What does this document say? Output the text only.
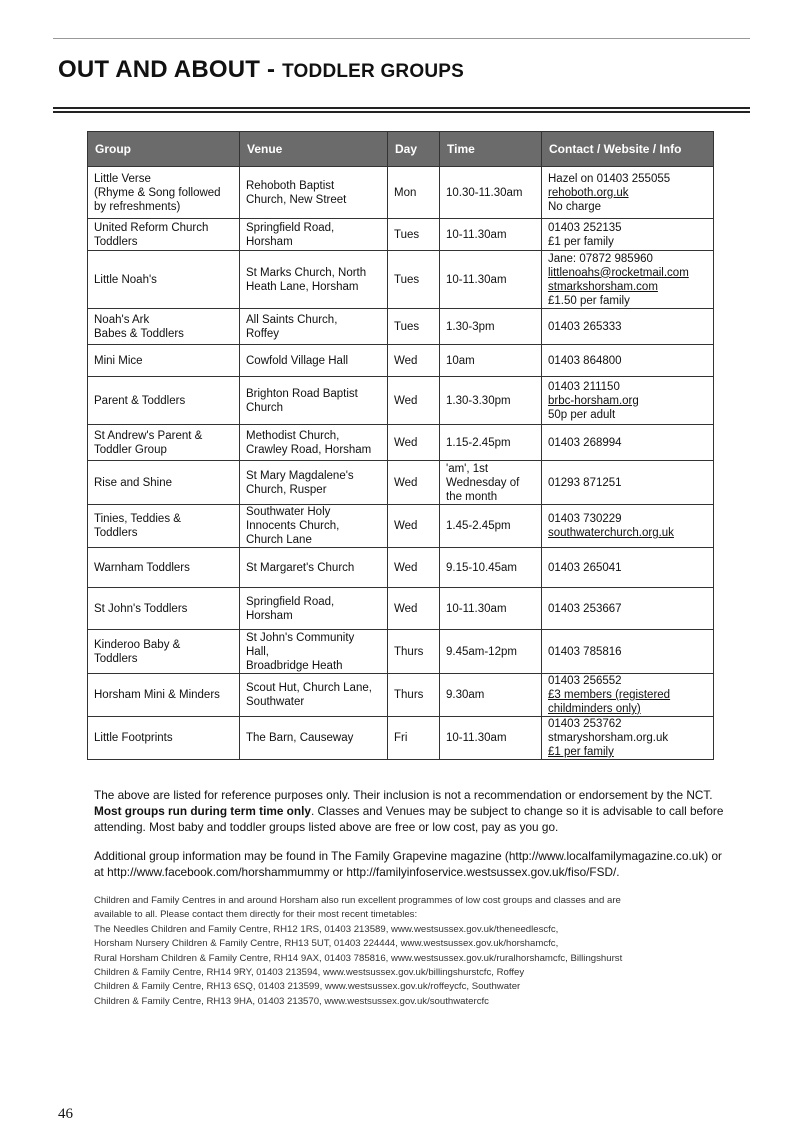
OUT AND ABOUT - TODDLER GROUPS
Group	Venue	Day	Time	Contact / Website / Info

Little Verse
(Rhyme & Song followed
by refreshments)	Rehoboth Baptist
Church, New Street	Mon	10.30-11.30am	Hazel on 01403 255055
rehoboth.org.uk
No charge

United Reform Church
Toddlers	Springfield Road,
Horsham	Tues	10-11.30am	01403 252135
£1 per family

Little Noah's	St Marks Church, North
Heath Lane, Horsham	Tues	10-11.30am	Jane: 07872 985960
littlenoahs@rocketmail.com
stmarkshorsham.com
£1.50 per family

Noah's Ark
Babes & Toddlers	All Saints Church,
Roffey	Tues	1.30-3pm	01403 265333

Mini Mice	Cowfold Village Hall	Wed	10am	01403 864800

Parent & Toddlers	Brighton Road Baptist
Church	Wed	1.30-3.30pm	01403 211150
brbc-horsham.org
50p per adult

St Andrew's Parent &
Toddler Group	Methodist Church,
Crawley Road, Horsham	Wed	1.15-2.45pm	01403 268994

Rise and Shine	St Mary Magdalene's
Church, Rusper	Wed	'am', 1st
Wednesday of
the month	01293 871251

Tinies, Teddies &
Toddlers	Southwater Holy
Innocents Church,
Church Lane	Wed	1.45-2.45pm	01403 730229
southwaterchurch.org.uk

Warnham Toddlers	St Margaret's Church	Wed	9.15-10.45am	01403 265041

St John's Toddlers	Springfield Road,
Horsham	Wed	10-11.30am	01403 253667

Kinderoo Baby &
Toddlers	St John's Community
Hall,
Broadbridge Heath	Thurs	9.45am-12pm	01403 785816

Horsham Mini & Minders	Scout Hut, Church Lane,
Southwater	Thurs	9.30am	01403 256552
£3 members (registered
childminders only)

Little Footprints	The Barn, Causeway	Fri	10-11.30am	01403 253762
stmaryshorsham.org.uk
£1 per family

The above are listed for reference purposes only. Their inclusion is not a recommendation or endorsement by the NCT. Most groups run during term time only. Classes and Venues may be subject to change so it is advisable to call before attending. Most baby and toddler groups listed above are free or low cost, pay as you go.

Additional group information may be found in The Family Grapevine magazine (http://www.localfamilymagazine.co.uk) or at http://www.facebook.com/horshammummy or http://familyinfoservice.westsussex.gov.uk/fiso/FSD/.

Children and Family Centres in and around Horsham also run excellent programmes of low cost groups and classes and are
available to all. Please contact them directly for their most recent timetables:
The Needles Children and Family Centre, RH12 1RS, 01403 213589, www.westsussex.gov.uk/theneedlescfc,
Horsham Nursery Children & Family Centre, RH13 5UT, 01403 224444, www.westsussex.gov.uk/horshamcfc,
Rural Horsham Children & Family Centre, RH14 9AX, 01403 785816, www.westsussex.gov.uk/ruralhorshamcfc, Billingshurst
Children & Family Centre, RH14 9RY, 01403 213594, www.westsussex.gov.uk/billingshurstcfc, Roffey
Children & Family Centre, RH13 6SQ, 01403 213599, www.westsussex.gov.uk/roffeycfc, Southwater
Children & Family Centre, RH13 9HA, 01403 213570, www.westsussex.gov.uk/southwatercfc
46
